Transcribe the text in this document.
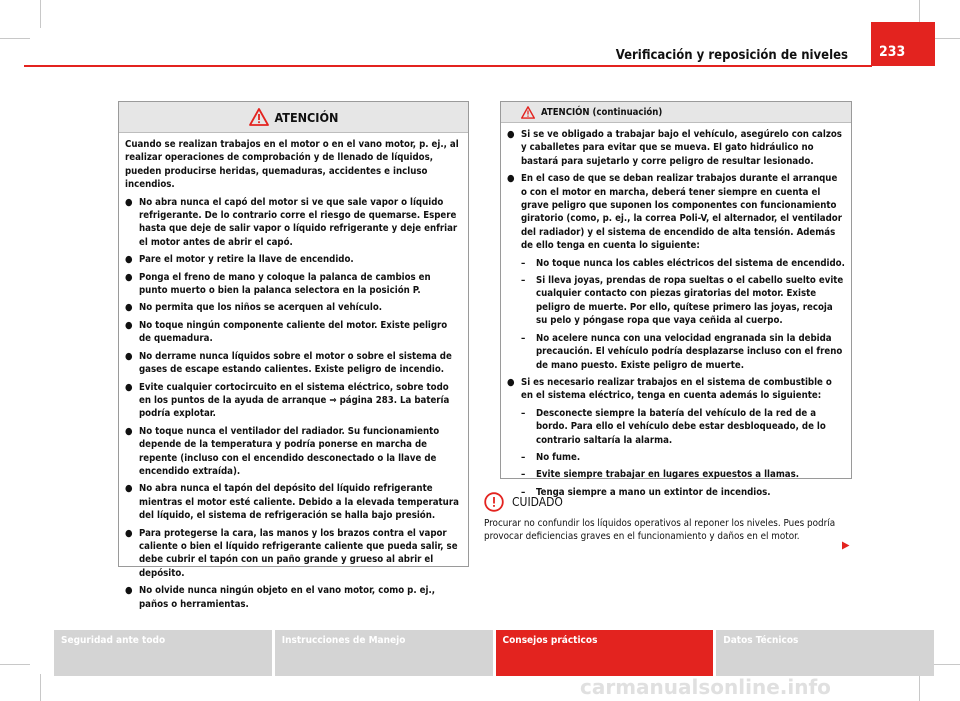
Verificación y reposición de niveles	233
ATENCIÓN

Cuando se realizan trabajos en el motor o en el vano motor, p. ej., al realizar operaciones de comprobación y de llenado de líquidos, pueden producirse heridas, quemaduras, accidentes e incluso incendios.

● No abra nunca el capó del motor si ve que sale vapor o líquido refrigerante. De lo contrario corre el riesgo de quemarse. Espere hasta que deje de salir vapor o líquido refrigerante y deje enfriar el motor antes de abrir el capó.
● Pare el motor y retire la llave de encendido.
● Ponga el freno de mano y coloque la palanca de cambios en punto muerto o bien la palanca selectora en la posición P.
● No permita que los niños se acerquen al vehículo.
● No toque ningún componente caliente del motor. Existe peligro de quemadura.
● No derrame nunca líquidos sobre el motor o sobre el sistema de gases de escape estando calientes. Existe peligro de incendio.
● Evite cualquier cortocircuito en el sistema eléctrico, sobre todo en los puntos de la ayuda de arranque ⇒ página 283. La batería podría explotar.
● No toque nunca el ventilador del radiador. Su funcionamiento depende de la temperatura y podría ponerse en marcha de repente (incluso con el encendido desconectado o la llave de encendido extraída).
● No abra nunca el tapón del depósito del líquido refrigerante mientras el motor esté caliente. Debido a la elevada temperatura del líquido, el sistema de refrigeración se halla bajo presión.
● Para protegerse la cara, las manos y los brazos contra el vapor caliente o bien el líquido refrigerante caliente que pueda salir, se debe cubrir el tapón con un paño grande y grueso al abrir el depósito.
● No olvide nunca ningún objeto en el vano motor, como p. ej., paños o herramientas.
ATENCIÓN (continuación)
● Si se ve obligado a trabajar bajo el vehículo, asegúrelo con calzos y caballetes para evitar que se mueva. El gato hidráulico no bastará para sujetarlo y corre peligro de resultar lesionado.
● En el caso de que se deban realizar trabajos durante el arranque o con el motor en marcha, deberá tener siempre en cuenta el grave peligro que suponen los componentes con funcionamiento giratorio (como, p. ej., la correa Poli-V, el alternador, el ventilador del radiador) y el sistema de encendido de alta tensión. Además de ello tenga en cuenta lo siguiente:
–	No toque nunca los cables eléctricos del sistema de encendido.
–	Si lleva joyas, prendas de ropa sueltas o el cabello suelto evite cualquier contacto con piezas giratorias del motor. Existe peligro de muerte. Por ello, quítese primero las joyas, recoja su pelo y póngase ropa que vaya ceñida al cuerpo.
–	No acelere nunca con una velocidad engranada sin la debida precaución. El vehículo podría desplazarse incluso con el freno de mano puesto. Existe peligro de muerte.
● Si es necesario realizar trabajos en el sistema de combustible o en el sistema eléctrico, tenga en cuenta además lo siguiente:
–	Desconecte siempre la batería del vehículo de la red de a bordo. Para ello el vehículo debe estar desbloqueado, de lo contrario saltaría la alarma.
–	No fume.
–	Evite siempre trabajar en lugares expuestos a llamas.
–	Tenga siempre a mano un extintor de incendios.
CUIDADO
Procurar no confundir los líquidos operativos al reponer los niveles. Pues podría provocar deficiencias graves en el funcionamiento y daños en el motor.
Seguridad ante todo	Instrucciones de Manejo	Consejos prácticos	Datos Técnicos
carmanualsonline.info
